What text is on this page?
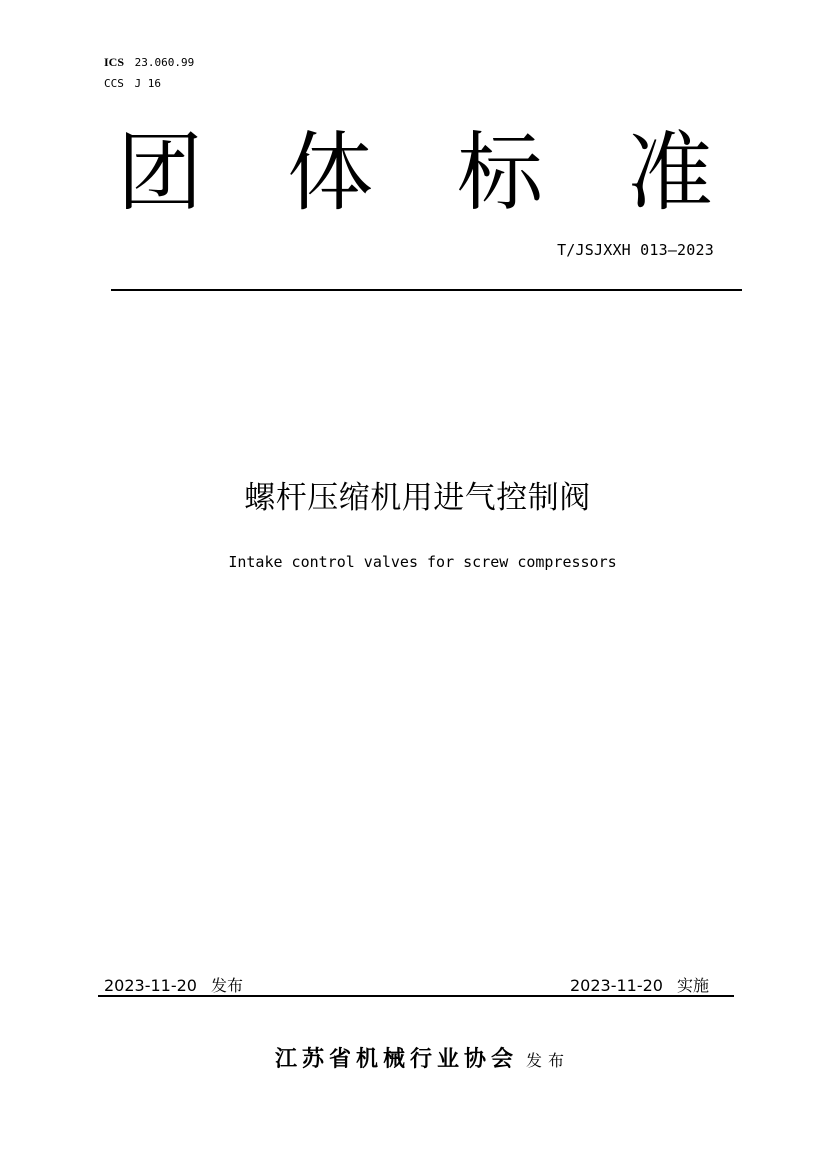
ICS 23.060.99
CCS J 16
团 体 标 准
T/JSJXXH 013—2023
螺杆压缩机用进气控制阀
Intake control valves for screw compressors
2023-11-20 发布	2023-11-20 实施
江苏省机械行业协会 发布
